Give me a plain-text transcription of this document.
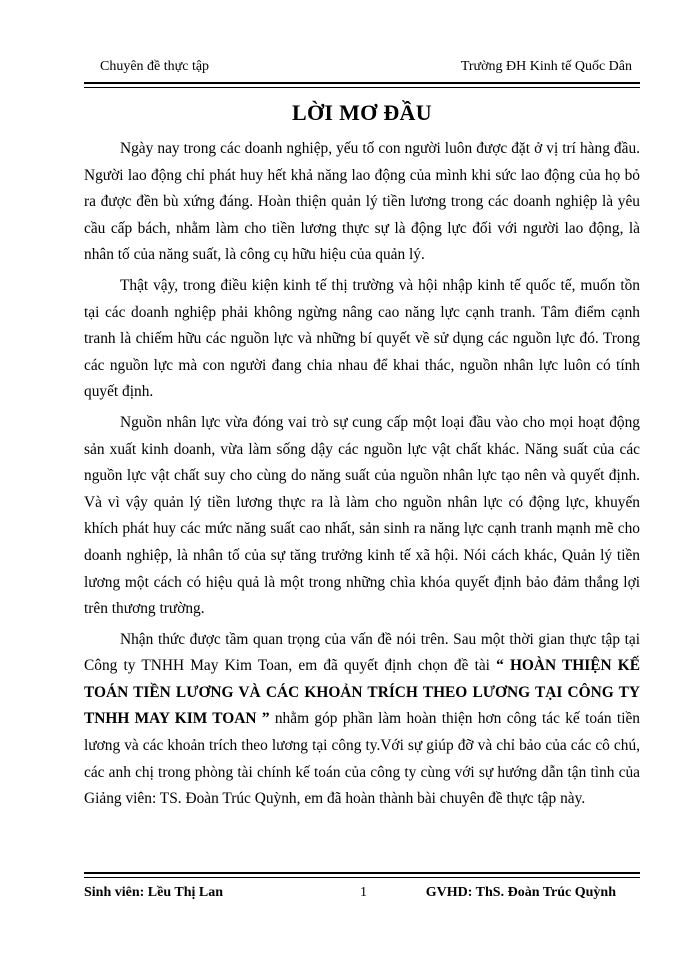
Chuyên đề thực tập	Trường ĐH Kinh tế Quốc Dân
LỜI MƠ ĐẦU

Ngày nay trong các doanh nghiệp, yếu tố con người luôn được đặt ở vị trí hàng đầu. Người lao động chỉ phát huy hết khả năng lao động của mình khi sức lao động của họ bỏ ra được đền bù xứng đáng. Hoàn thiện quản lý tiền lương trong các doanh nghiệp là yêu cầu cấp bách, nhằm làm cho tiền lương thực sự là động lực đối với người lao động, là nhân tố của năng suất, là công cụ hữu hiệu của quản lý.

Thật vậy, trong điều kiện kinh tế thị trường và hội nhập kinh tế quốc tế, muốn tồn tại các doanh nghiệp phải không ngừng nâng cao năng lực cạnh tranh. Tâm điểm cạnh tranh là chiếm hữu các nguồn lực và những bí quyết về sử dụng các nguồn lực đó. Trong các nguồn lực mà con người đang chia nhau để khai thác, nguồn nhân lực luôn có tính quyết định.

Nguồn nhân lực vừa đóng vai trò sự cung cấp một loại đầu vào cho mọi hoạt động sản xuất kinh doanh, vừa làm sống dậy các nguồn lực vật chất khác. Năng suất của các nguồn lực vật chất suy cho cùng do năng suất của nguồn nhân lực tạo nên và quyết định. Và vì vậy quản lý tiền lương thực ra là làm cho nguồn nhân lực có động lực, khuyến khích phát huy các mức năng suất cao nhất, sản sinh ra năng lực cạnh tranh mạnh mẽ cho doanh nghiệp, là nhân tố của sự tăng trưởng kinh tế xã hội. Nói cách khác, Quản lý tiền lương một cách có hiệu quả là một trong những chìa khóa quyết định bảo đảm thắng lợi trên thương trường.

Nhận thức được tầm quan trọng của vấn đề nói trên. Sau một thời gian thực tập tại Công ty TNHH May Kim Toan, em đã quyết định chọn đề tài “ HOÀN THIỆN KẾ TOÁN TIỀN LƯƠNG VÀ CÁC KHOẢN TRÍCH THEO LƯƠNG TẠI CÔNG TY TNHH MAY KIM TOAN ” nhằm góp phần làm hoàn thiện hơn công tác kế toán tiền lương và các khoản trích theo lương tại công ty.Với sự giúp đỡ và chỉ bảo của các cô chú, các anh chị trong phòng tài chính kế toán của công ty cùng với sự hướng dẫn tận tình của Giảng viên: TS. Đoàn Trúc Quỳnh, em đã hoàn thành bài chuyên đề thực tập này.

Sinh viên: Lều Thị Lan	1	GVHD: ThS. Đoàn Trúc Quỳnh
